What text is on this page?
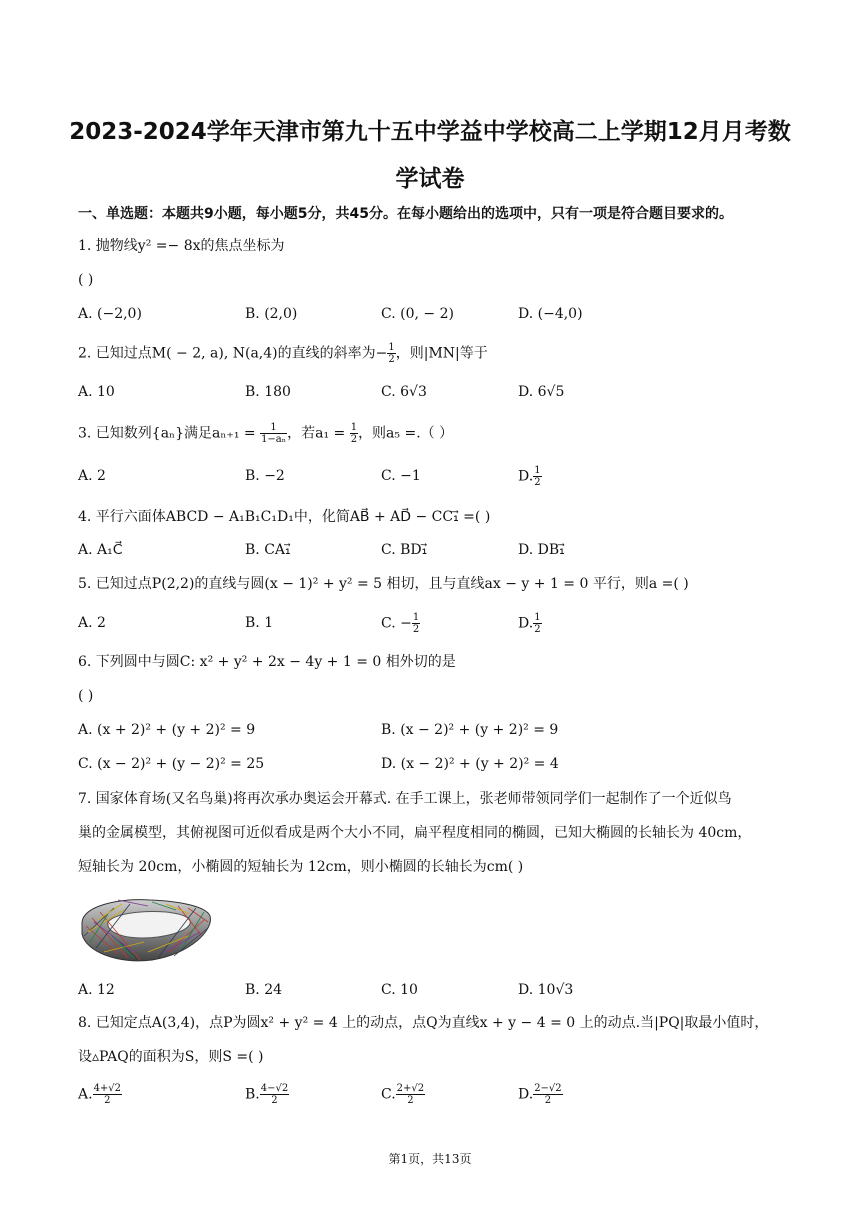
2023-2024学年天津市第九十五中学益中学校高二上学期12月月考数
学试卷
一、单选题：本题共9小题，每小题5分，共45分。在每小题给出的选项中，只有一项是符合题目要求的。
1. 抛物线y² =− 8x的焦点坐标为
( )
A. (−2,0)	B. (2,0)	C. (0, − 2)	D. (−4,0)
2. 已知过点M( − 2, a), N(a,4)的直线的斜率为− $\frac{1}{2}$ ，则|MN|等于
A. 10	B. 180	C. 6√3	D. 6√5
3. 已知数列{aₙ}满足$a_{n+1} = \frac{1}{\text{1−aₙ}}$ ，若$a_1 = \frac{1}{2}$ ，则a₅ =.（ ）
A. 2	B. −2	C. −1	D. $\frac{1}{2}$
4. 平行六面体ABCD − A₁B₁C₁D₁中，化简AB⃗ + AD⃗ − CC₁⃗ =( )
A. A₁C⃗	B. CA₁⃗	C. BD₁⃗	D. DB₁⃗
5. 已知过点P(2,2)的直线与圆(x − 1)² + y² = 5 相切，且与直线ax − y + 1 = 0 平行，则a =( )
A. 2	B. 1	C. − $\frac{1}{2}$	D. $\frac{1}{2}$
6. 下列圆中与圆C: x² + y² + 2x − 4y + 1 = 0 相外切的是
( )
A. (x + 2)² + (y + 2)² = 9	B. (x − 2)² + (y + 2)² = 9
C. (x − 2)² + (y − 2)² = 25	D. (x − 2)² + (y + 2)² = 4
7. 国家体育场(又名鸟巢)将再次承办奥运会开幕式. 在手工课上，张老师带领同学们一起制作了一个近似鸟
巢的金属模型，其俯视图可近似看成是两个大小不同，扁平程度相同的椭圆，已知大椭圆的长轴长为 40cm，
短轴长为 20cm，小椭圆的短轴长为 12cm，则小椭圆的长轴长为cm( )
A. 12	B. 24	C. 10	D. 10√3
8. 已知定点A(3,4)，点P为圆x² + y² = 4 上的动点，点Q为直线x + y − 4 = 0 上的动点.当|PQ|取最小值时，
设▵PAQ的面积为S，则S =( )
A. $\frac{4+√2}{2}$	B. $\frac{4-√2}{2}$	C. $\frac{2+√2}{2}$	D. $\frac{2-√2}{2}$
第1页，共13页
